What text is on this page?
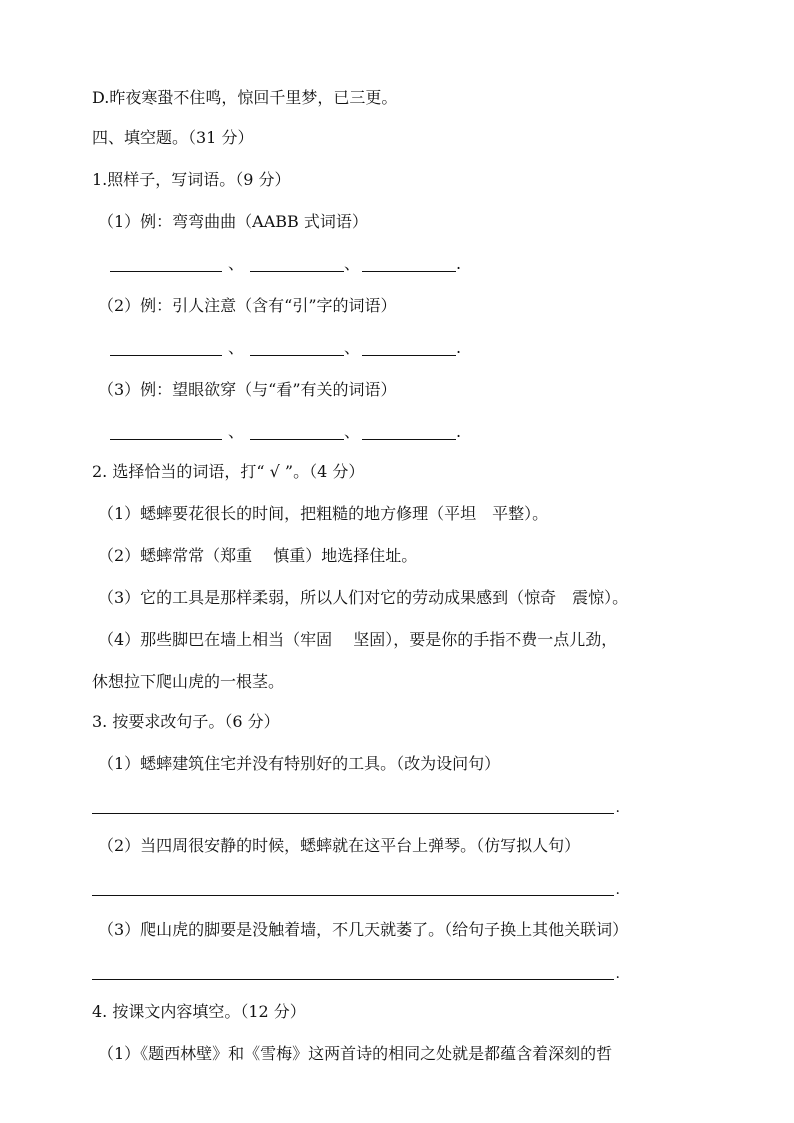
D.昨夜寒蛩不住鸣，惊回千里梦，已三更。
四、填空题。（31 分）
1.照样子，写词语。（9 分）
（1）例：弯弯曲曲（AABB 式词语）
、	、	.
（2）例：引人注意（含有“引”字的词语）
、	、	.
（3）例：望眼欲穿（与“看”有关的词语）
、	、	.
2. 选择恰当的词语，打“ √ ”。（4 分）
（1）蟋蟀要花很长的时间，把粗糙的地方修理（平坦　平整）。
（2）蟋蟀常常（郑重　 慎重）地选择住址。
（3）它的工具是那样柔弱，所以人们对它的劳动成果感到（惊奇　震惊）。
（4）那些脚巴在墙上相当（牢固　 坚固），要是你的手指不费一点儿劲，
休想拉下爬山虎的一根茎。
3. 按要求改句子。（6 分）
（1）蟋蟀建筑住宅并没有特别好的工具。（改为设问句）
.
（2）当四周很安静的时候，蟋蟀就在这平台上弹琴。（仿写拟人句）
.
（3）爬山虎的脚要是没触着墙，不几天就萎了。（给句子换上其他关联词）
.
4. 按课文内容填空。（12 分）
（1）《题西林壁》和《雪梅》这两首诗的相同之处就是都蕴含着深刻的哲
